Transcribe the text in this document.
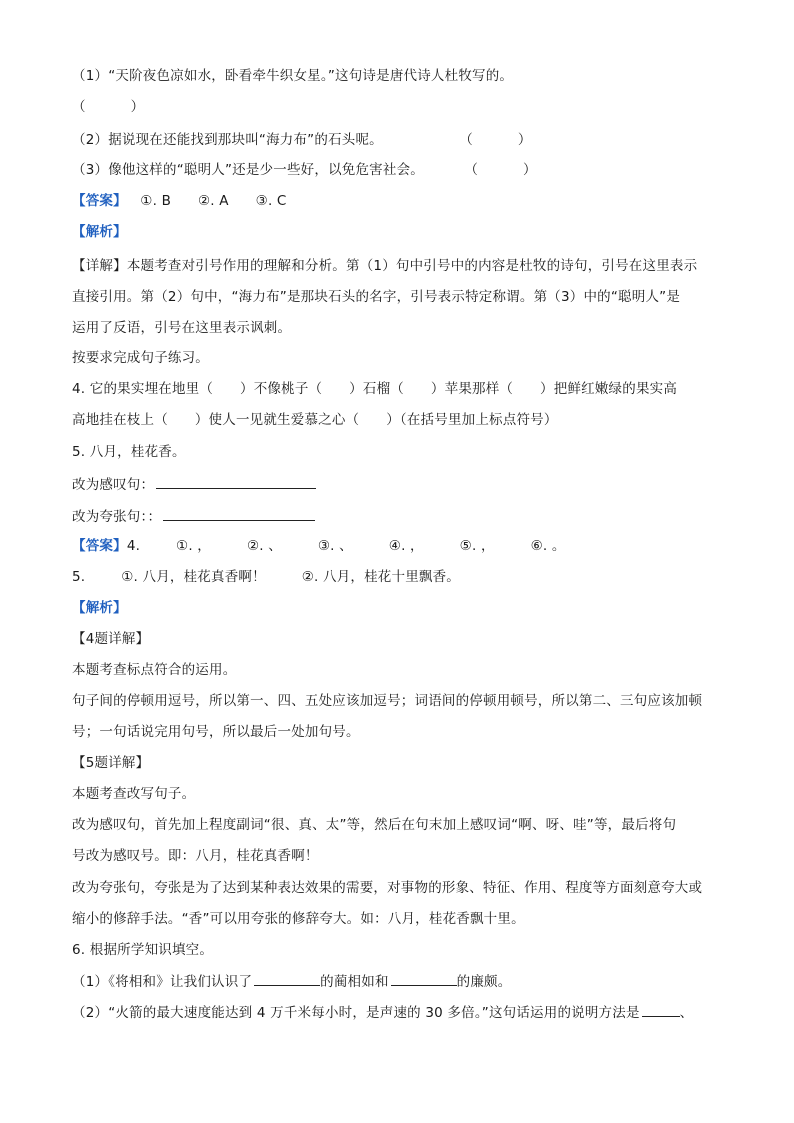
（1）“天阶夜色凉如水，卧看牵牛织女星。”这句诗是唐代诗人杜牧写的。
（          ）
（2）据说现在还能找到那块叫“海力布”的石头呢。                 （          ）
（3）像他这样的“聪明人”还是少一些好，以免危害社会。         （          ）
【答案】   ①. B      ②. A      ③. C
【解析】
【详解】本题考查对引号作用的理解和分析。第（1）句中引号中的内容是杜牧的诗句，引号在这里表示
直接引用。第（2）句中，“海力布”是那块石头的名字，引号表示特定称谓。第（3）中的“聪明人”是
运用了反语，引号在这里表示讽刺。
按要求完成句子练习。
4. 它的果实埋在地里（      ）不像桃子（      ）石榴（      ）苹果那样（      ）把鲜红嫩绿的果实高
高地挂在枝上（      ）使人一见就生爱慕之心（      ）（在括号里加上标点符号）
5. 八月，桂花香。
改为感叹句：
改为夸张句：：
【答案】4.        ①. ，        ②. 、        ③. 、        ④. ，        ⑤. ，        ⑥. 。
5.        ①. 八月，桂花真香啊！        ②. 八月，桂花十里飘香。
【解析】
【4题详解】
本题考查标点符合的运用。
句子间的停顿用逗号，所以第一、四、五处应该加逗号；词语间的停顿用顿号，所以第二、三句应该加顿
号；一句话说完用句号，所以最后一处加句号。
【5题详解】
本题考查改写句子。
改为感叹句，首先加上程度副词“很、真、太”等，然后在句末加上感叹词“啊、呀、哇”等，最后将句
号改为感叹号。即：八月，桂花真香啊！
改为夸张句，夸张是为了达到某种表达效果的需要，对事物的形象、特征、作用、程度等方面刻意夸大或
缩小的修辞手法。“香”可以用夸张的修辞夸大。如：八月，桂花香飘十里。
6. 根据所学知识填空。
（1）《将相和》让我们认识了	的蔺相如和	的廉颇。
（2）“火箭的最大速度能达到 4 万千米每小时，是声速的 30 多倍。”这句话运用的说明方法是	、
